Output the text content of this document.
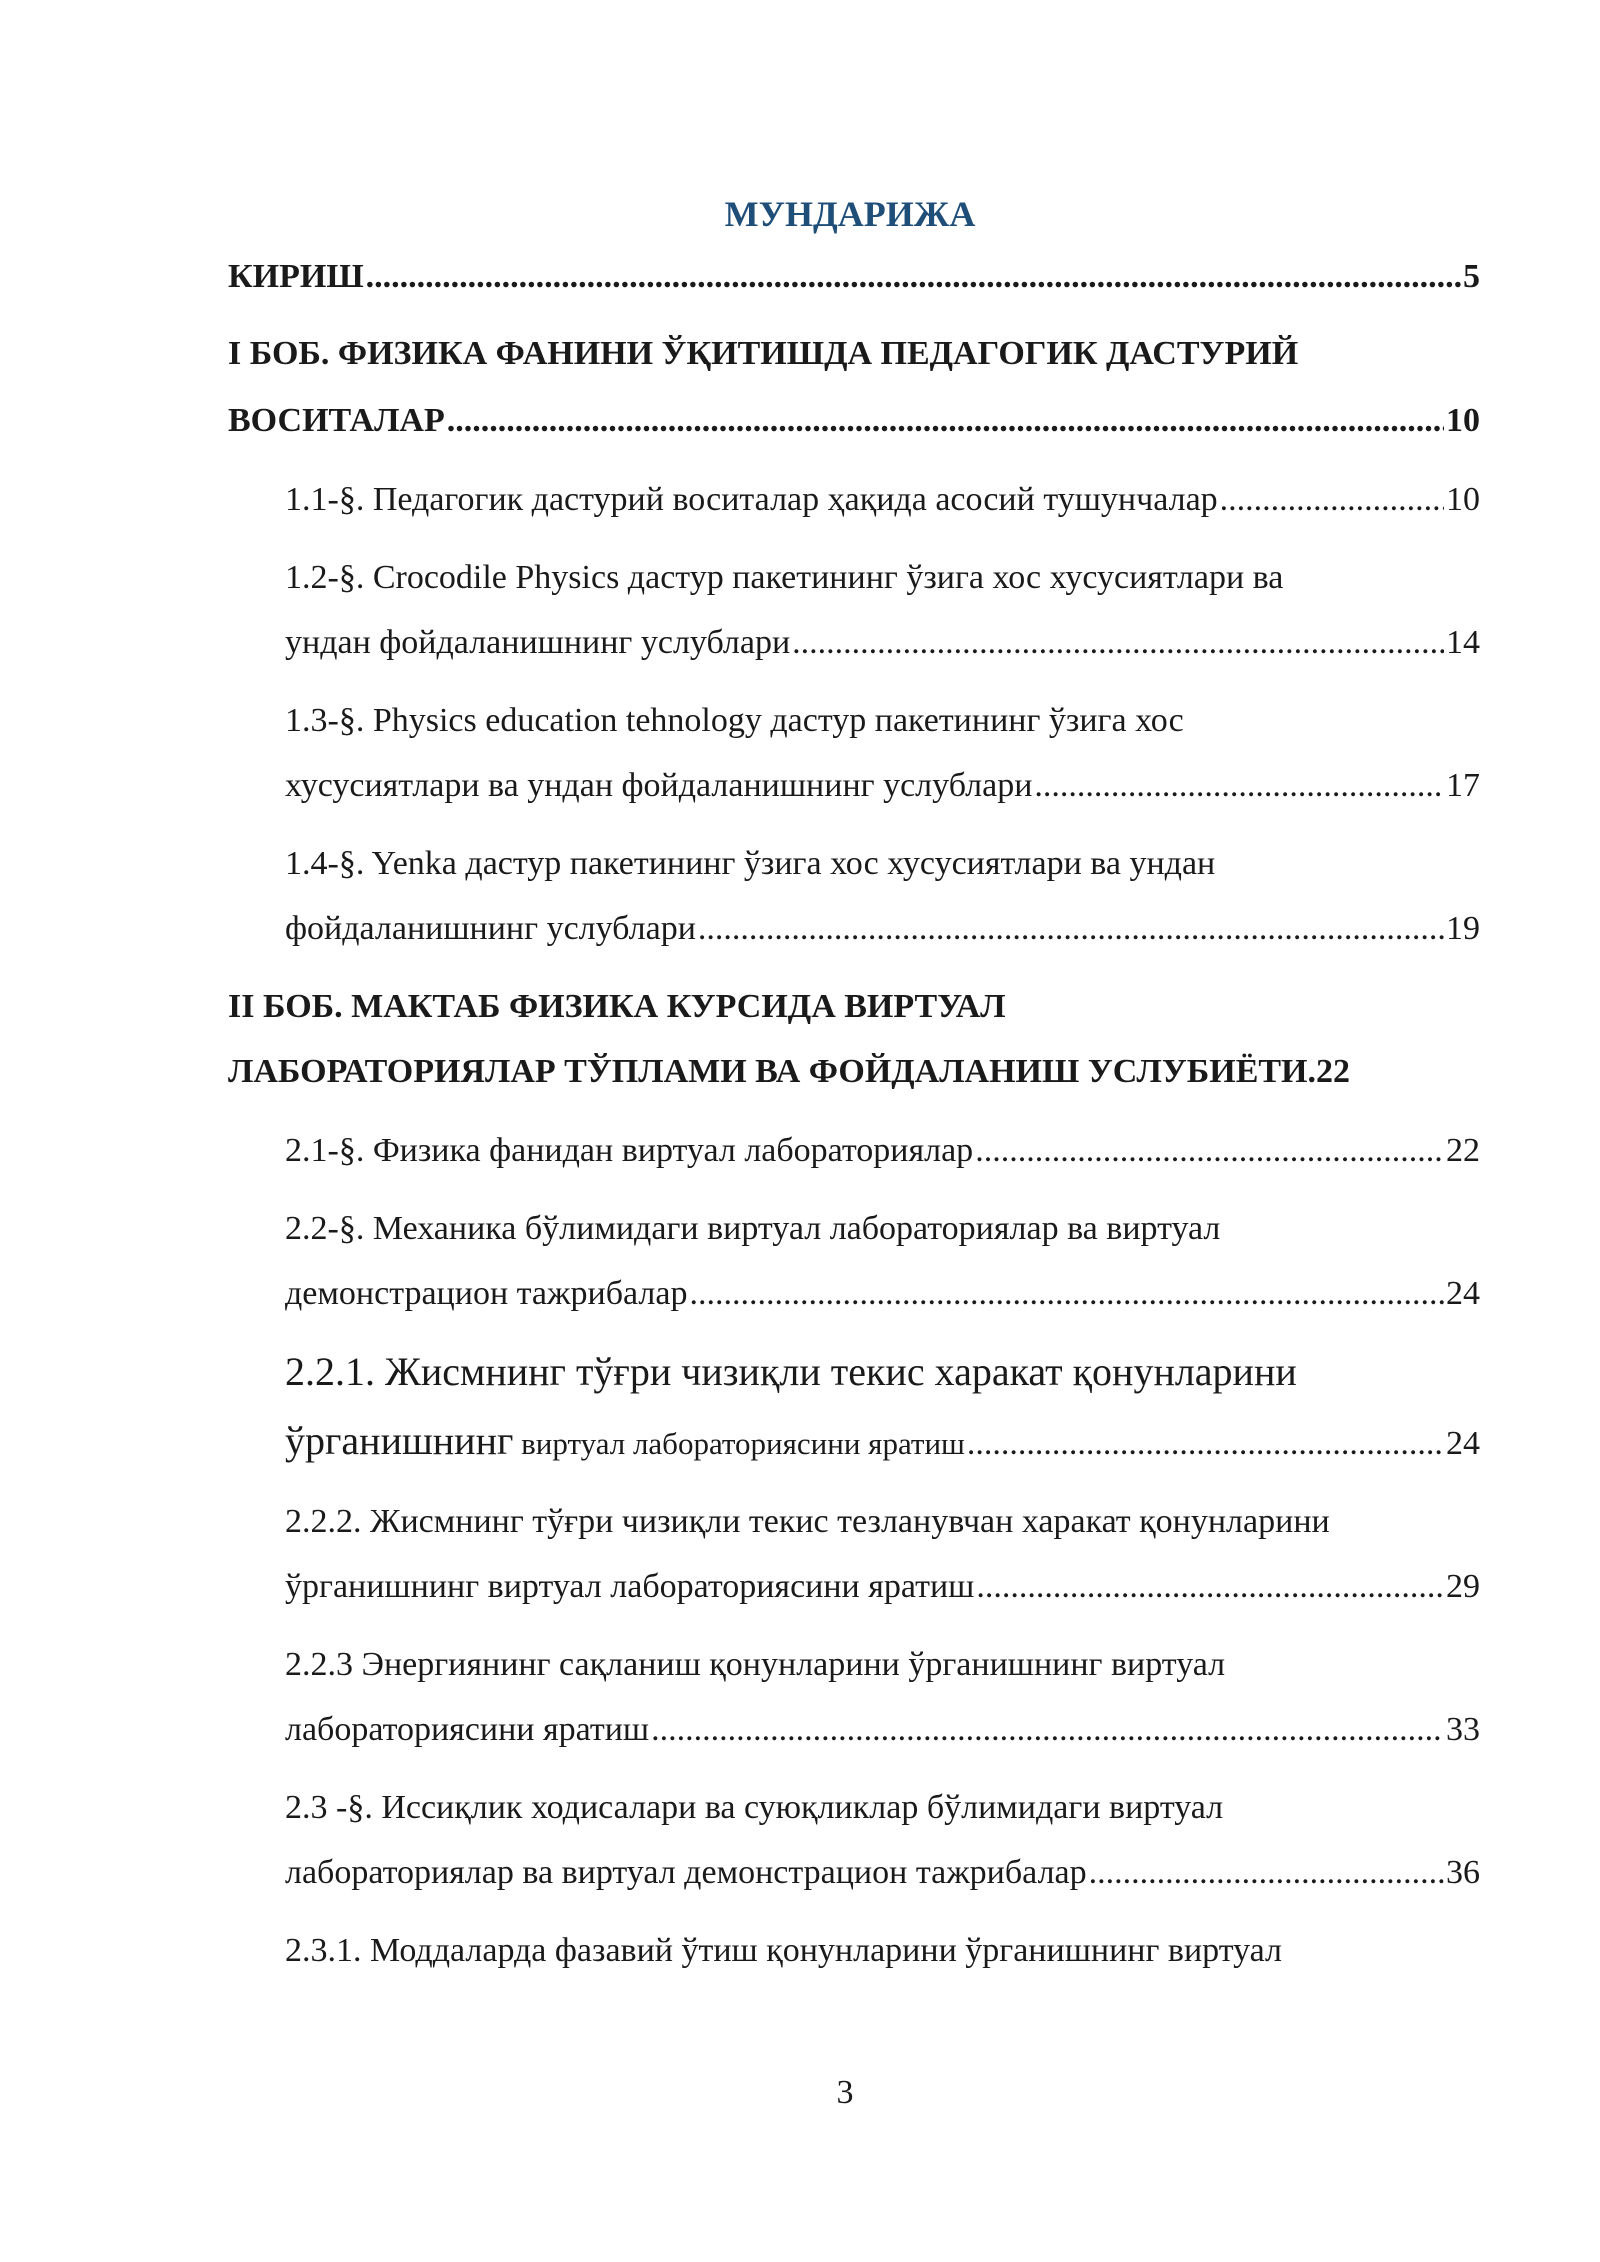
МУНДАРИЖА
КИРИШ .....	5
I БОБ. ФИЗИКА ФАНИНИ ЎҚИТИШДА ПЕДАГОГИК ДАСТУРИЙ
ВОСИТАЛАР .....	10
1.1-§. Педагогик дастурий воситалар ҳақида асосий тушунчалар .....	10
1.2-§. Crocodile Physics дастур пакетининг ўзига хос хусусиятлари ва
ундан фойдаланишнинг услублари .....	14
1.3-§. Physics education tehnology дастур пакетининг ўзига хос
хусусиятлари ва ундан фойдаланишнинг услублари .....	17
1.4-§. Yenka дастур пакетининг ўзига хос хусусиятлари ва ундан
фойдаланишнинг услублари .....	19
II БОБ. МАКТАБ ФИЗИКА КУРСИДА ВИРТУАЛ
ЛАБОРАТОРИЯЛАР ТЎПЛАМИ ВА ФОЙДАЛАНИШ УСЛУБИЁТИ. 22
2.1-§. Физика фанидан виртуал лабораториялар .....	22
2.2-§. Механика бўлимидаги виртуал лабораториялар ва виртуал
демонстрацион тажрибалар .....	24
2.2.1. Жисмнинг тўғри чизиқли текис харакат қонунларини
ўрганишнинг виртуал лабораториясини яратиш .....	24
2.2.2. Жисмнинг тўғри чизиқли текис тезланувчан харакат қонунларини
ўрганишнинг виртуал лабораториясини яратиш .....	29
2.2.3 Энергиянинг сақланиш қонунларини ўрганишнинг виртуал
лабораториясини яратиш .....	33
2.3 -§. Иссиқлик ходисалари ва суюқликлар бўлимидаги виртуал
лабораториялар ва виртуал демонстрацион тажрибалар .....	36
2.3.1. Моддаларда фазавий ўтиш қонунларини ўрганишнинг виртуал
3
